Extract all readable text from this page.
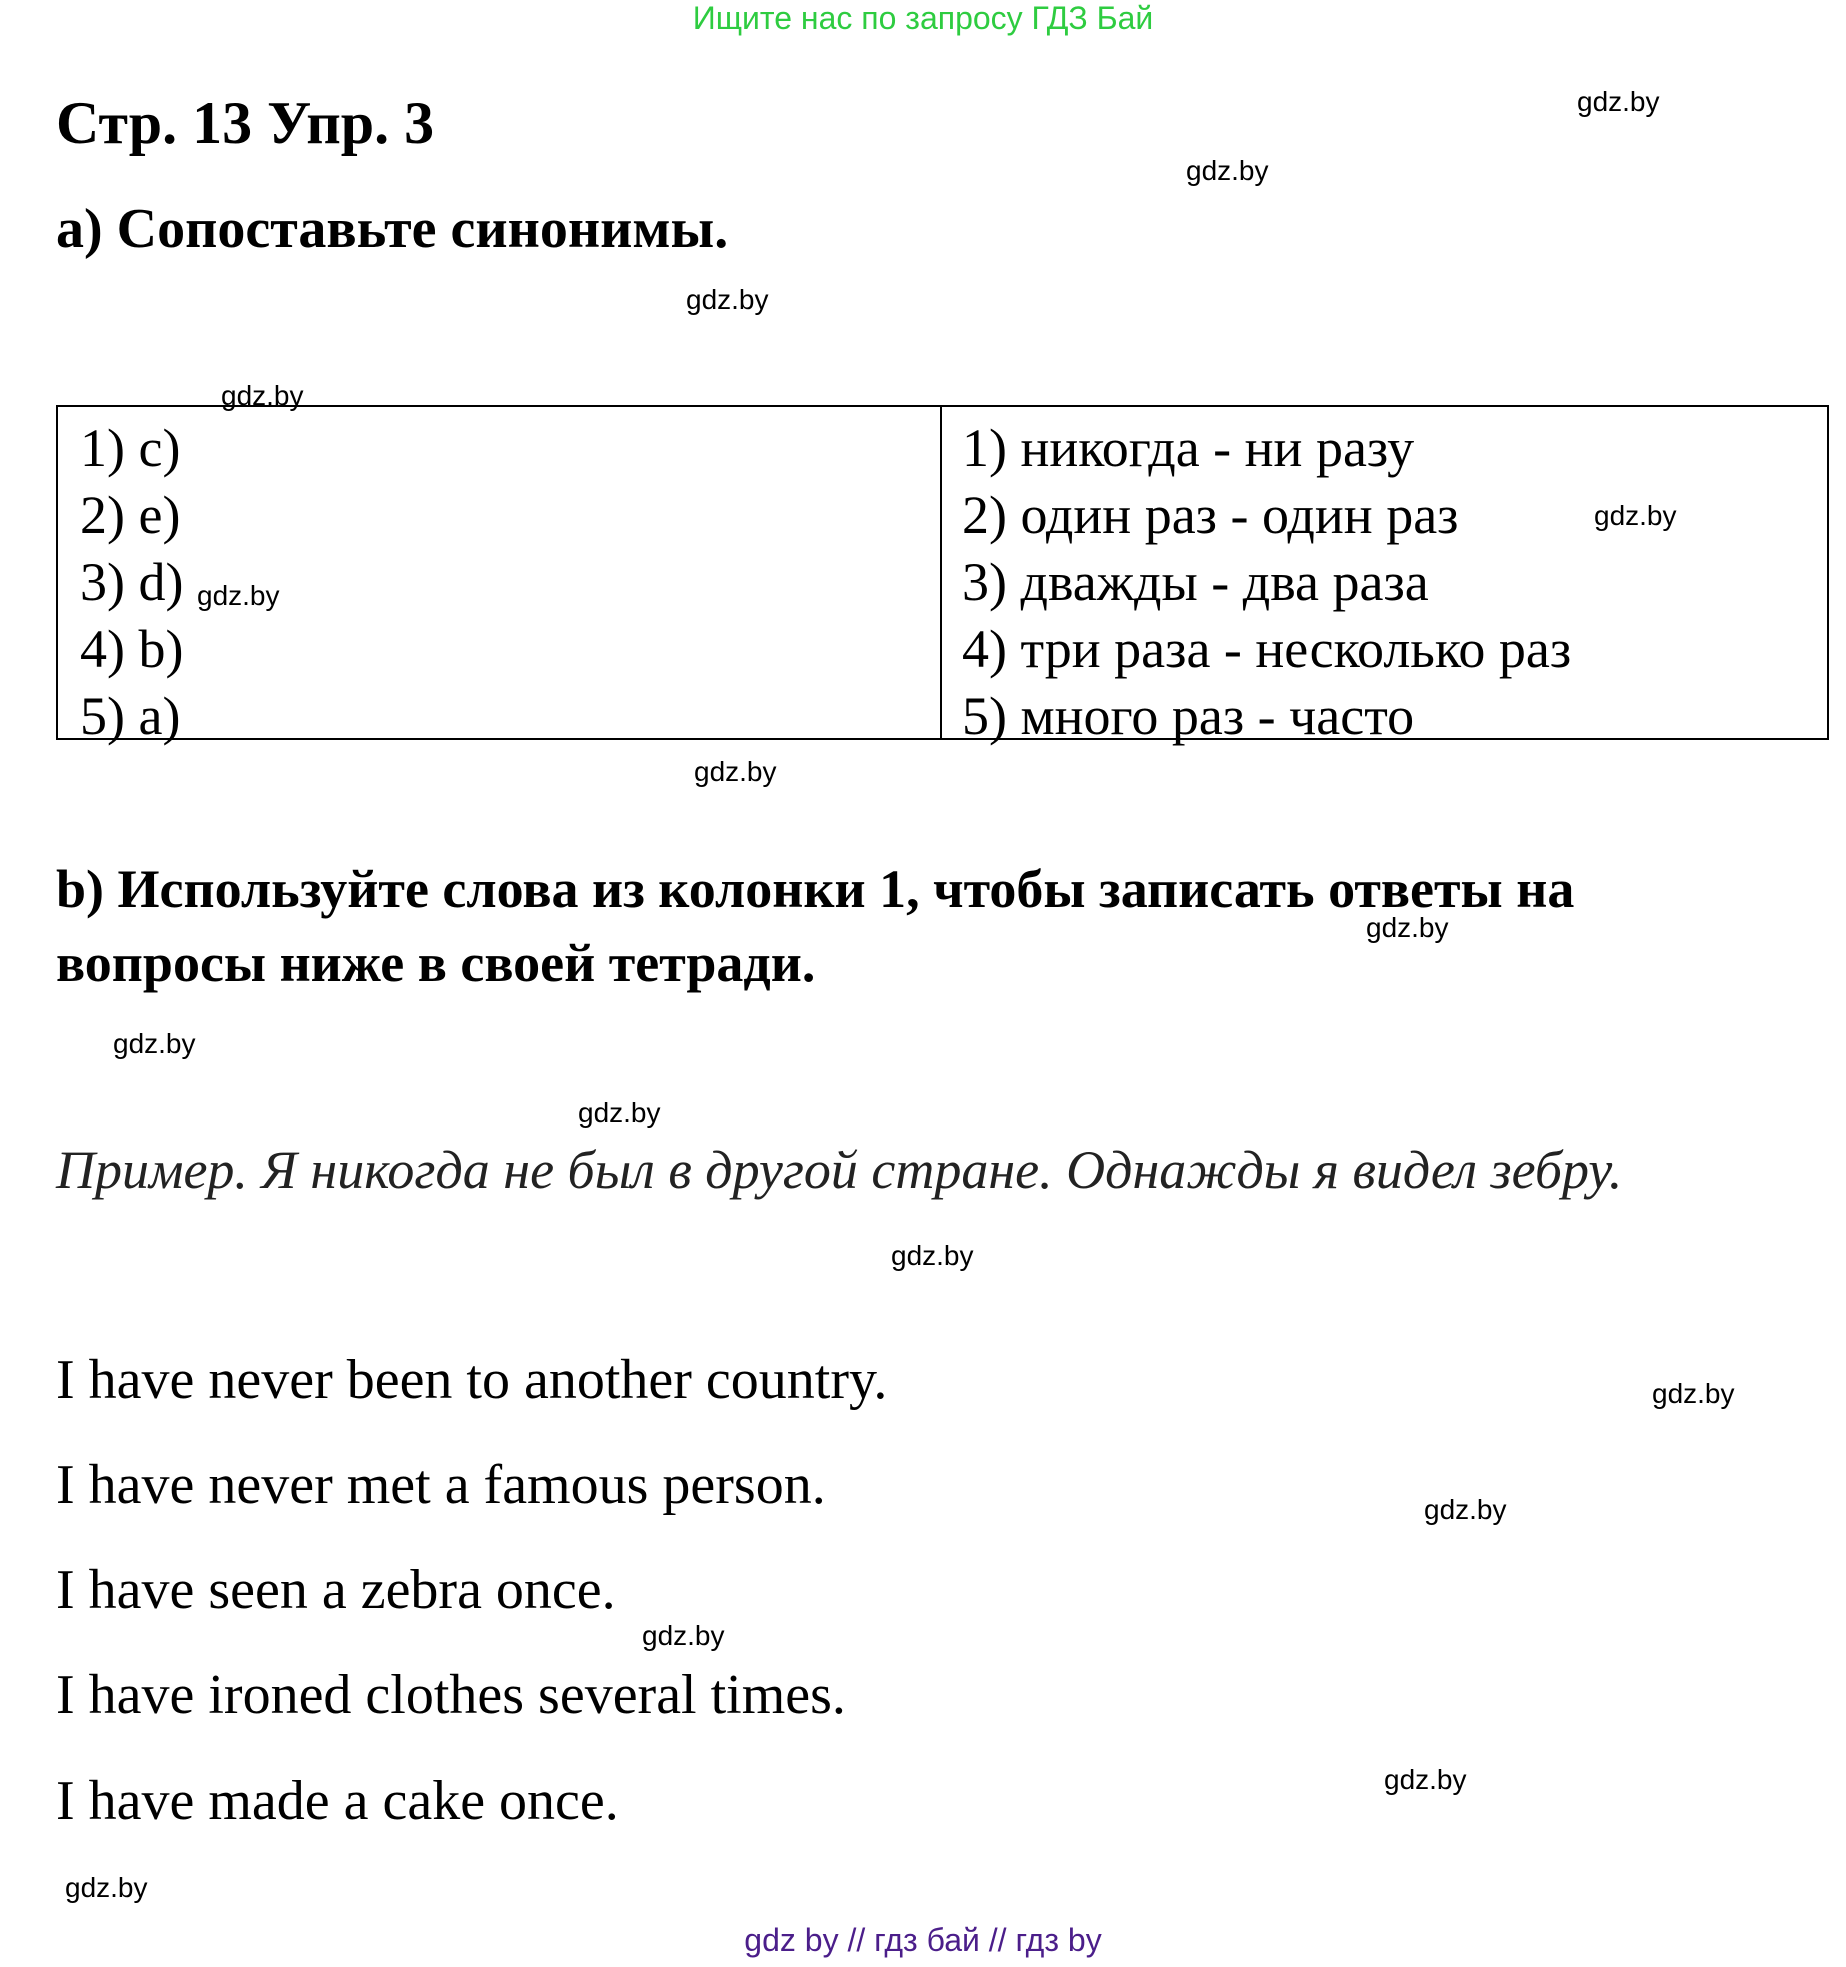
Ищите нас по запросу ГДЗ Бай
Стр. 13 Упр. 3
a) Сопоставьте синонимы.
1) c)
2) e)
3) d)
4) b)
5) a)
1) никогда - ни разу
2) один раз - один раз
3) дважды - два раза
4) три раза - несколько раз
5) много раз - часто
b) Используйте слова из колонки 1, чтобы записать ответы на вопросы ниже в своей тетради.
Пример. Я никогда не был в другой стране. Однажды я видел зебру.
I have never been to another country.
I have never met a famous person.
I have seen a zebra once.
I have ironed clothes several times.
I have made a cake once.
gdz.by
gdz.by
gdz.by
gdz.by
gdz.by
gdz.by
gdz.by
gdz.by
gdz.by
gdz.by
gdz.by
gdz.by
gdz.by
gdz.by
gdz.by
gdz.by
gdz by // гдз бай // гдз by
